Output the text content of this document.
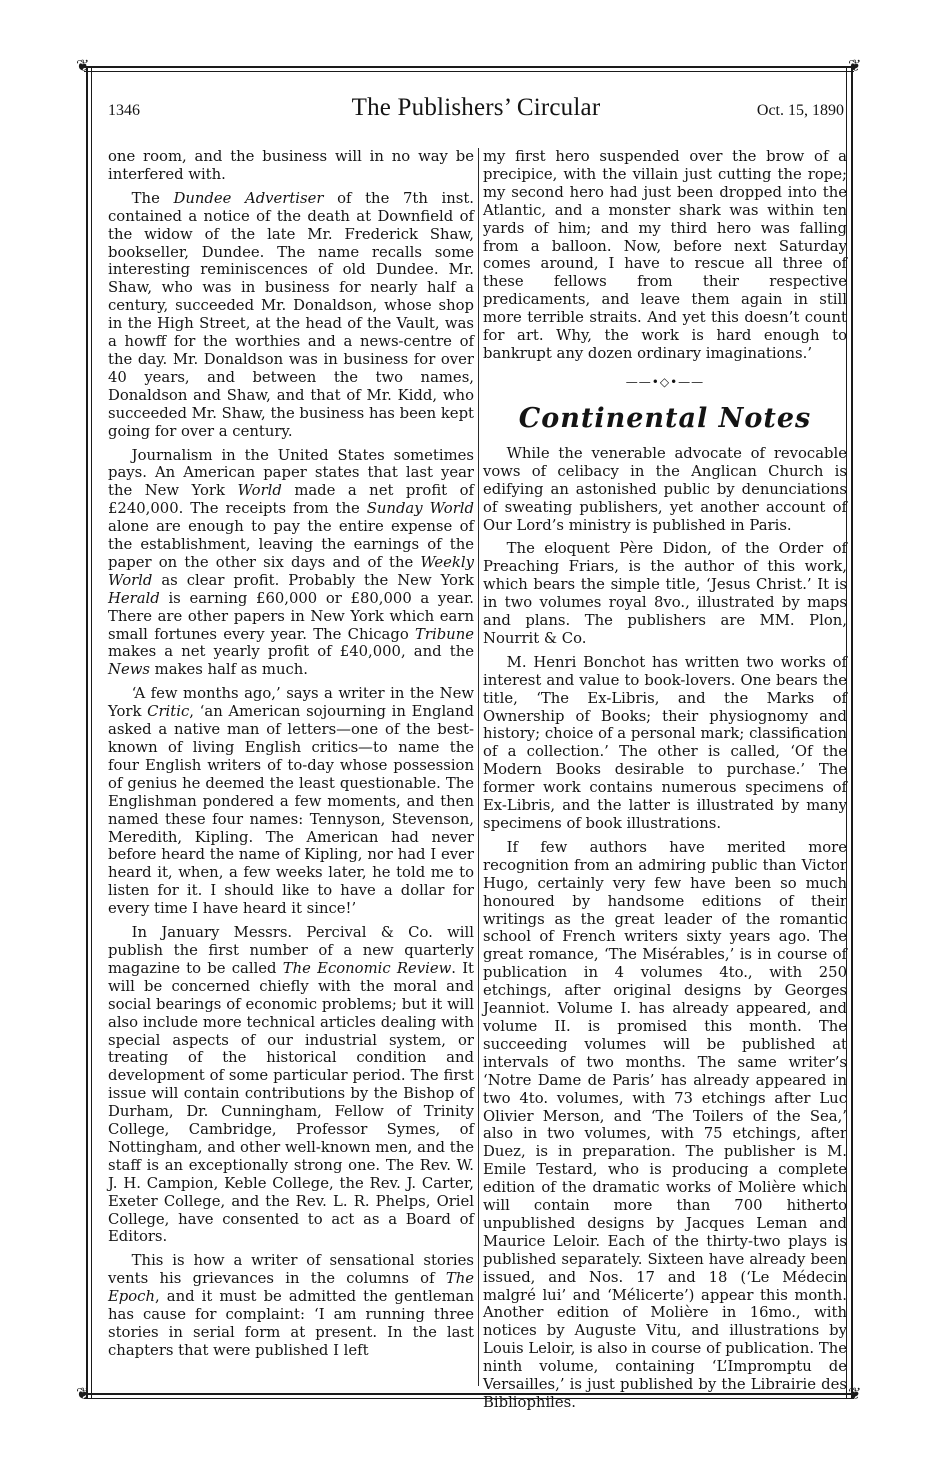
❦	❦
❦	❦
1346	The Publishers’ Circular	Oct. 15, 1890

one room, and the business will in no way be interfered with.

The Dundee Advertiser of the 7th inst. contained a notice of the death at Downfield of the widow of the late Mr. Frederick Shaw, bookseller, Dundee. The name recalls some interesting reminiscences of old Dundee. Mr. Shaw, who was in business for nearly half a century, succeeded Mr. Donaldson, whose shop in the High Street, at the head of the Vault, was a howff for the worthies and a news-centre of the day. Mr. Donaldson was in business for over 40 years, and between the two names, Donaldson and Shaw, and that of Mr. Kidd, who succeeded Mr. Shaw, the business has been kept going for over a century.

Journalism in the United States sometimes pays. An American paper states that last year the New York World made a net profit of £240,000. The receipts from the Sunday World alone are enough to pay the entire expense of the establishment, leaving the earnings of the paper on the other six days and of the Weekly World as clear profit. Probably the New York Herald is earning £60,000 or £80,000 a year. There are other papers in New York which earn small fortunes every year. The Chicago Tribune makes a net yearly profit of £40,000, and the News makes half as much.

‘A few months ago,’ says a writer in the New York Critic, ‘an American sojourning in England asked a native man of letters—one of the best-known of living English critics—to name the four English writers of to-day whose possession of genius he deemed the least questionable. The Englishman pondered a few moments, and then named these four names: Tennyson, Stevenson, Meredith, Kipling. The American had never before heard the name of Kipling, nor had I ever heard it, when, a few weeks later, he told me to listen for it. I should like to have a dollar for every time I have heard it since!’

In January Messrs. Percival & Co. will publish the first number of a new quarterly magazine to be called The Economic Review. It will be concerned chiefly with the moral and social bearings of economic problems; but it will also include more technical articles dealing with special aspects of our industrial system, or treating of the historical condition and development of some particular period. The first issue will contain contributions by the Bishop of Durham, Dr. Cunningham, Fellow of Trinity College, Cambridge, Professor Symes, of Nottingham, and other well-known men, and the staff is an exceptionally strong one. The Rev. W. J. H. Campion, Keble College, the Rev. J. Carter, Exeter College, and the Rev. L. R. Phelps, Oriel College, have consented to act as a Board of Editors.

This is how a writer of sensational stories vents his grievances in the columns of The Epoch, and it must be admitted the gentleman has cause for complaint: ‘I am running three stories in serial form at present. In the last chapters that were published I left

my first hero suspended over the brow of a precipice, with the villain just cutting the rope; my second hero had just been dropped into the Atlantic, and a monster shark was within ten yards of him; and my third hero was falling from a balloon. Now, before next Saturday comes around, I have to rescue all three of these fellows from their respective predicaments, and leave them again in still more terrible straits. And yet this doesn’t count for art. Why, the work is hard enough to bankrupt any dozen ordinary imaginations.’

——•◇•——
Continental Notes

While the venerable advocate of revocable vows of celibacy in the Anglican Church is edifying an astonished public by denunciations of sweating publishers, yet another account of Our Lord’s ministry is published in Paris.

The eloquent Père Didon, of the Order of Preaching Friars, is the author of this work, which bears the simple title, ‘Jesus Christ.’ It is in two volumes royal 8vo., illustrated by maps and plans. The publishers are MM. Plon, Nourrit & Co.

M. Henri Bonchot has written two works of interest and value to book-lovers. One bears the title, ‘The Ex-Libris, and the Marks of Ownership of Books; their physiognomy and history; choice of a personal mark; classification of a collection.’ The other is called, ‘Of the Modern Books desirable to purchase.’ The former work contains numerous specimens of Ex-Libris, and the latter is illustrated by many specimens of book illustrations.

If few authors have merited more recognition from an admiring public than Victor Hugo, certainly very few have been so much honoured by handsome editions of their writings as the great leader of the romantic school of French writers sixty years ago. The great romance, ‘The Misérables,’ is in course of publication in 4 volumes 4to., with 250 etchings, after original designs by Georges Jeanniot. Volume I. has already appeared, and volume II. is promised this month. The succeeding volumes will be published at intervals of two months. The same writer’s ‘Notre Dame de Paris’ has already appeared in two 4to. volumes, with 73 etchings after Luc Olivier Merson, and ‘The Toilers of the Sea,’ also in two volumes, with 75 etchings, after Duez, is in preparation. The publisher is M. Emile Testard, who is producing a complete edition of the dramatic works of Molière which will contain more than 700 hitherto unpublished designs by Jacques Leman and Maurice Leloir. Each of the thirty-two plays is published separately. Sixteen have already been issued, and Nos. 17 and 18 (‘Le Médecin malgré lui’ and ‘Mélicerte’) appear this month. Another edition of Molière in 16mo., with notices by Auguste Vitu, and illustrations by Louis Leloir, is also in course of publication. The ninth volume, containing ‘L’Impromptu de Versailles,’ is just published by the Librairie des Bibliophiles.
